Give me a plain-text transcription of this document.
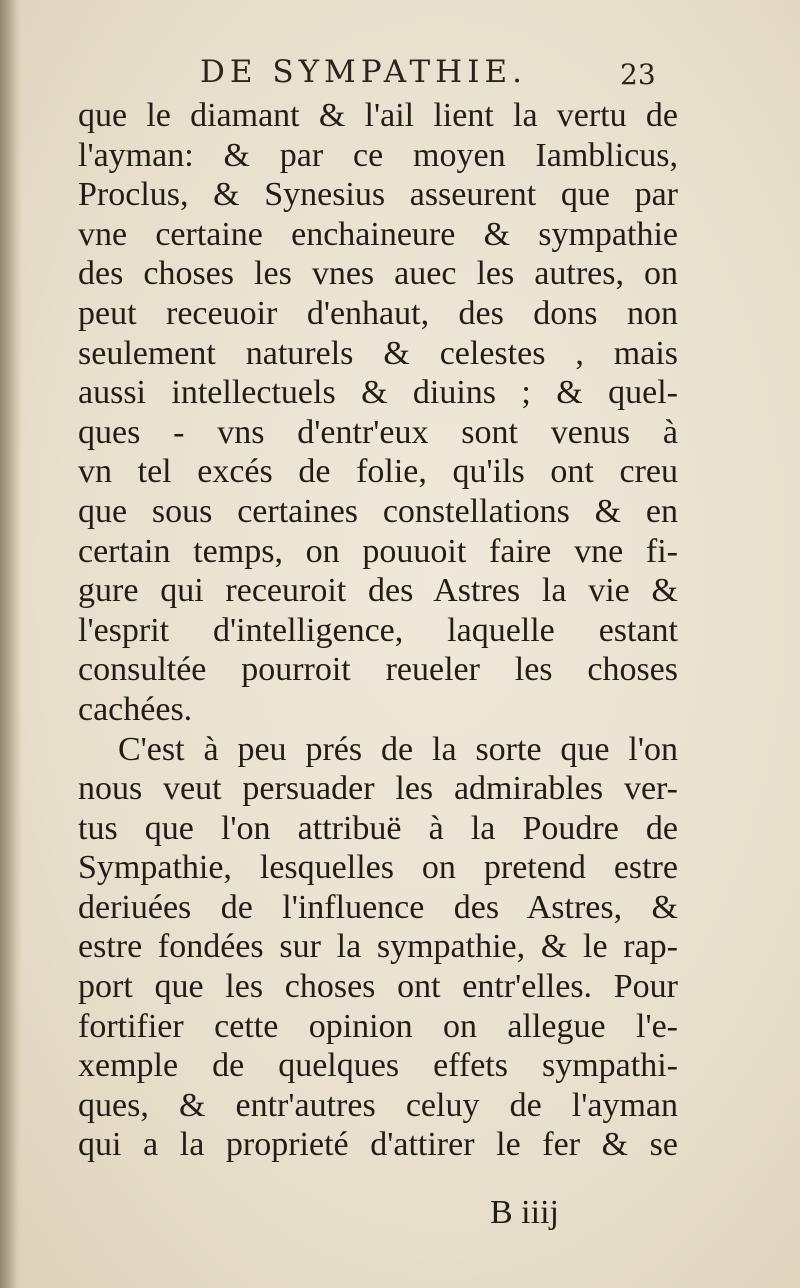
DE SYMPATHIE.	23
que le diamant & l'ail lient la vertu de
l'ayman: & par ce moyen Iamblicus,
Proclus, & Synesius asseurent que par
vne certaine enchaineure & sympathie
des choses les vnes auec les autres, on
peut receuoir d'enhaut, des dons non
seulement naturels & celestes , mais
aussi intellectuels & diuins ; & quel-
ques - vns d'entr'eux sont venus à
vn tel excés de folie, qu'ils ont creu
que sous certaines constellations & en
certain temps, on pouuoit faire vne fi-
gure qui receuroit des Astres la vie &
l'esprit d'intelligence, laquelle estant
consultée pourroit reueler les choses
cachées.
C'est à peu prés de la sorte que l'on
nous veut persuader les admirables ver-
tus que l'on attribuë à la Poudre de
Sympathie, lesquelles on pretend estre
deriuées de l'influence des Astres, &
estre fondées sur la sympathie, & le rap-
port que les choses ont entr'elles. Pour
fortifier cette opinion on allegue l'e-
xemple de quelques effets sympathi-
ques, & entr'autres celuy de l'ayman
qui a la proprieté d'attirer le fer & se
B iiij
